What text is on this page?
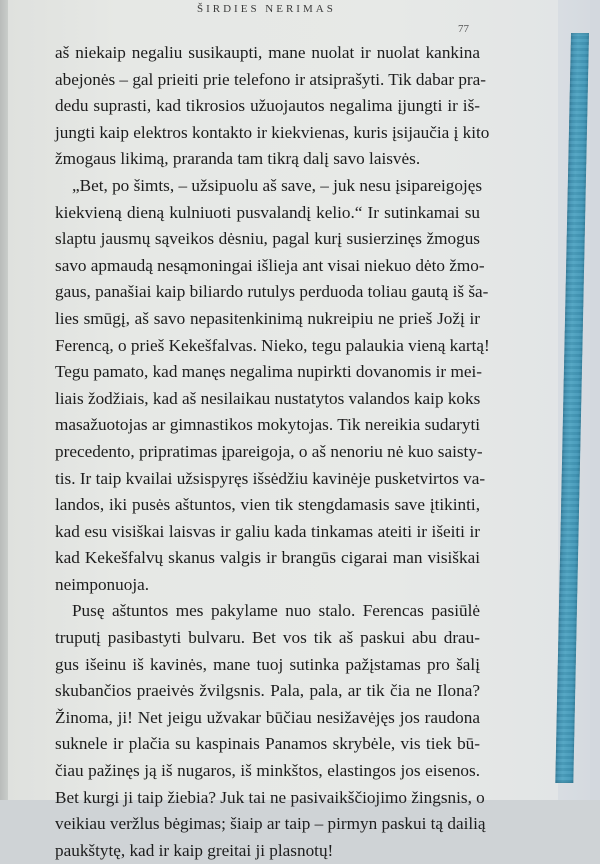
ŠIRDIES NERIMAS
77

aš niekaip negaliu susikaupti, mane nuolat ir nuolat kankina
abejonės – gal prieiti prie telefono ir atsiprašyti. Tik dabar pra-
dedu suprasti, kad tikrosios užuojautos negalima įjungti ir iš-
jungti kaip elektros kontakto ir kiekvienas, kuris įsijaučia į kito
žmogaus likimą, praranda tam tikrą dalį savo laisvės.

„Bet, po šimts, – užsipuolu aš save, – juk nesu įsipareigojęs
kiekvieną dieną kulniuoti pusvalandį kelio.“ Ir sutinkamai su
slaptu jausmų sąveikos dėsniu, pagal kurį susierzinęs žmogus
savo apmaudą nesąmoningai išlieja ant visai niekuo dėto žmo-
gaus, panašiai kaip biliardo rutulys perduoda toliau gautą iš ša-
lies smūgį, aš savo nepasitenkinimą nukreipiu ne prieš Jožį ir
Ferencą, o prieš Kekešfalvas. Nieko, tegu palaukia vieną kartą!
Tegu pamato, kad manęs negalima nupirkti dovanomis ir mei-
liais žodžiais, kad aš nesilaikau nustatytos valandos kaip koks
masažuotojas ar gimnastikos mokytojas. Tik nereikia sudaryti
precedento, pripratimas įpareigoja, o aš nenoriu nė kuo saisty-
tis. Ir taip kvailai užsispyręs išsėdžiu kavinėje pusketvirtos va-
landos, iki pusės aštuntos, vien tik stengdamasis save įtikinti,
kad esu visiškai laisvas ir galiu kada tinkamas ateiti ir išeiti ir
kad Kekešfalvų skanus valgis ir brangūs cigarai man visiškai
neimponuoja.

Pusę aštuntos mes pakylame nuo stalo. Ferencas pasiūlė
truputį pasibastyti bulvaru. Bet vos tik aš paskui abu drau-
gus išeinu iš kavinės, mane tuoj sutinka pažįstamas pro šalį
skubančios praeivės žvilgsnis. Pala, pala, ar tik čia ne Ilona?
Žinoma, ji! Net jeigu užvakar būčiau nesižavėjęs jos raudona
suknele ir plačia su kaspinais Panamos skrybėle, vis tiek bū-
čiau pažinęs ją iš nugaros, iš minkštos, elastingos jos eisenos.
Bet kurgi ji taip žiebia? Juk tai ne pasivaikščiojimo žingsnis, o
veikiau veržlus bėgimas; šiaip ar taip – pirmyn paskui tą dailią
paukštytę, kad ir kaip greitai ji plasnotų!
